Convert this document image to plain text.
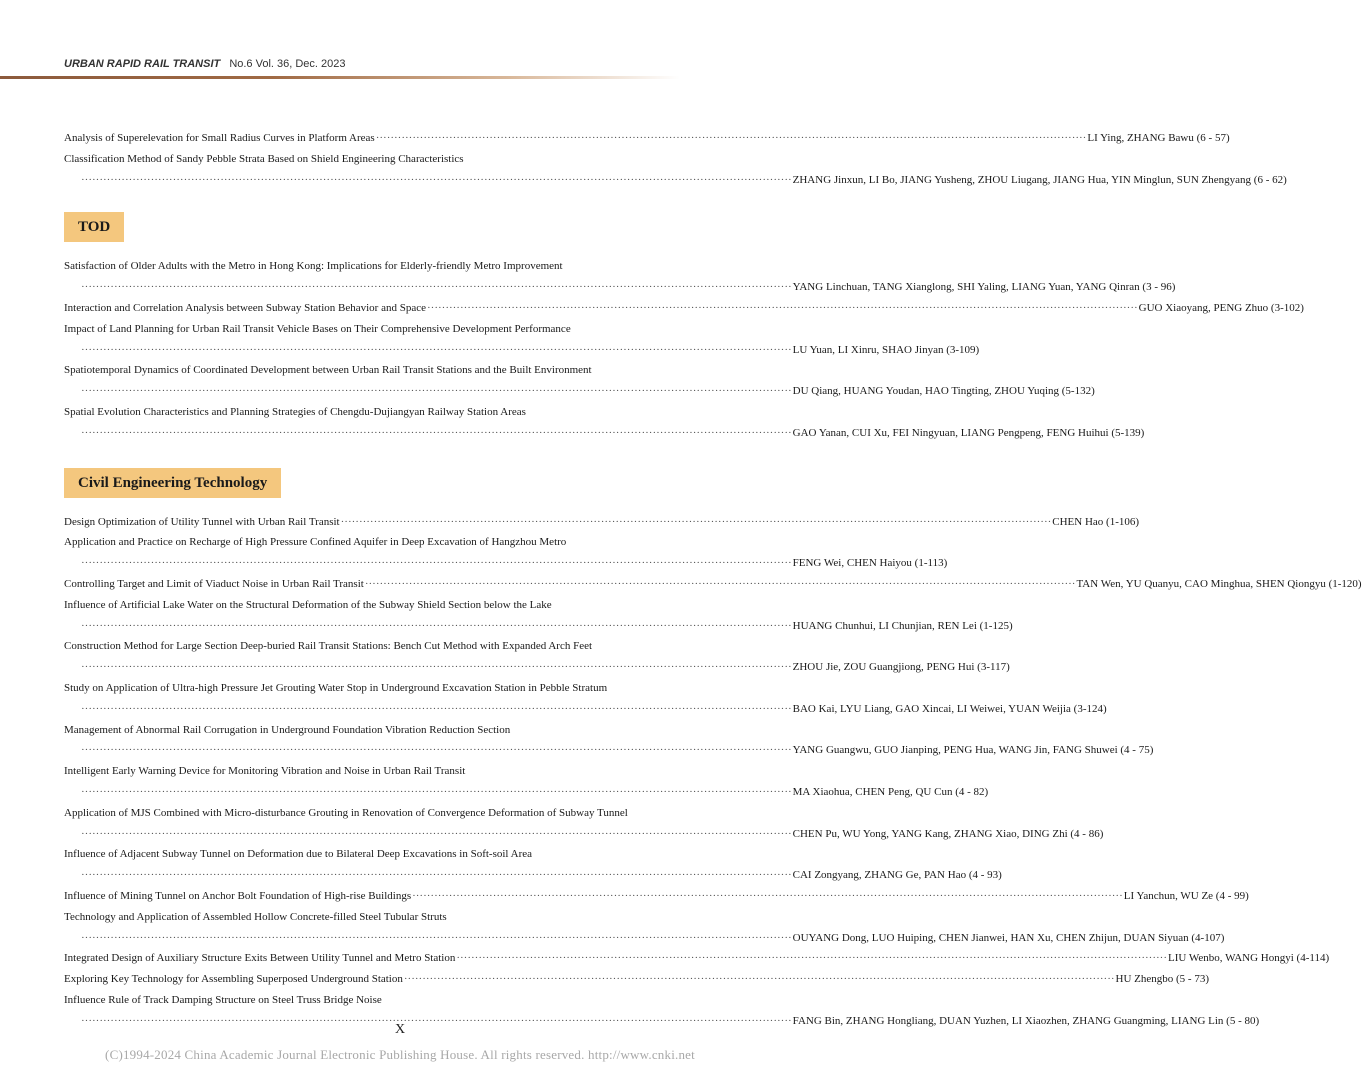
URBAN RAPID RAIL TRANSIT No.6 Vol. 36, Dec. 2023
Analysis of Superelevation for Small Radius Curves in Platform Areas ·····	LI Ying, ZHANG Bawu (6 - 57)
Classification Method of Sandy Pebble Strata Based on Shield Engineering Characteristics
·····
ZHANG Jinxun, LI Bo, JIANG Yusheng, ZHOU Liugang, JIANG Hua, YIN Minglun, SUN Zhengyang (6 - 62)
TOD
Satisfaction of Older Adults with the Metro in Hong Kong: Implications for Elderly-friendly Metro Improvement
·····
YANG Linchuan, TANG Xianglong, SHI Yaling, LIANG Yuan, YANG Qinran (3 - 96)
Interaction and Correlation Analysis between Subway Station Behavior and Space ·····	GUO Xiaoyang, PENG Zhuo (3-102)
Impact of Land Planning for Urban Rail Transit Vehicle Bases on Their Comprehensive Development Performance
·····
LU Yuan, LI Xinru, SHAO Jinyan (3-109)
Spatiotemporal Dynamics of Coordinated Development between Urban Rail Transit Stations and the Built Environment
·····
DU Qiang, HUANG Youdan, HAO Tingting, ZHOU Yuqing (5-132)
Spatial Evolution Characteristics and Planning Strategies of Chengdu-Dujiangyan Railway Station Areas
·····
GAO Yanan, CUI Xu, FEI Ningyuan, LIANG Pengpeng, FENG Huihui (5-139)
Civil Engineering Technology
Design Optimization of Utility Tunnel with Urban Rail Transit ·····	CHEN Hao (1-106)
Application and Practice on Recharge of High Pressure Confined Aquifer in Deep Excavation of Hangzhou Metro
·····
FENG Wei, CHEN Haiyou (1-113)
Controlling Target and Limit of Viaduct Noise in Urban Rail Transit ·····	TAN Wen, YU Quanyu, CAO Minghua, SHEN Qiongyu (1-120)
Influence of Artificial Lake Water on the Structural Deformation of the Subway Shield Section below the Lake
·····
HUANG Chunhui, LI Chunjian, REN Lei (1-125)
Construction Method for Large Section Deep-buried Rail Transit Stations: Bench Cut Method with Expanded Arch Feet
·····
ZHOU Jie, ZOU Guangjiong, PENG Hui (3-117)
Study on Application of Ultra-high Pressure Jet Grouting Water Stop in Underground Excavation Station in Pebble Stratum
·····
BAO Kai, LYU Liang, GAO Xincai, LI Weiwei, YUAN Weijia (3-124)
Management of Abnormal Rail Corrugation in Underground Foundation Vibration Reduction Section
·····
YANG Guangwu, GUO Jianping, PENG Hua, WANG Jin, FANG Shuwei (4 - 75)
Intelligent Early Warning Device for Monitoring Vibration and Noise in Urban Rail Transit
·····
MA Xiaohua, CHEN Peng, QU Cun (4 - 82)
Application of MJS Combined with Micro-disturbance Grouting in Renovation of Convergence Deformation of Subway Tunnel
·····
CHEN Pu, WU Yong, YANG Kang, ZHANG Xiao, DING Zhi (4 - 86)
Influence of Adjacent Subway Tunnel on Deformation due to Bilateral Deep Excavations in Soft-soil Area
·····
CAI Zongyang, ZHANG Ge, PAN Hao (4 - 93)
Influence of Mining Tunnel on Anchor Bolt Foundation of High-rise Buildings ·····	LI Yanchun, WU Ze (4 - 99)
Technology and Application of Assembled Hollow Concrete-filled Steel Tubular Struts
·····
OUYANG Dong, LUO Huiping, CHEN Jianwei, HAN Xu, CHEN Zhijun, DUAN Siyuan (4-107)
Integrated Design of Auxiliary Structure Exits Between Utility Tunnel and Metro Station ·····	LIU Wenbo, WANG Hongyi (4-114)
Exploring Key Technology for Assembling Superposed Underground Station ·····	HU Zhengbo (5 - 73)
Influence Rule of Track Damping Structure on Steel Truss Bridge Noise
·····
FANG Bin, ZHANG Hongliang, DUAN Yuzhen, LI Xiaozhen, ZHANG Guangming, LIANG Lin (5 - 80)
X
(C)1994-2024 China Academic Journal Electronic Publishing House. All rights reserved. http://www.cnki.net
